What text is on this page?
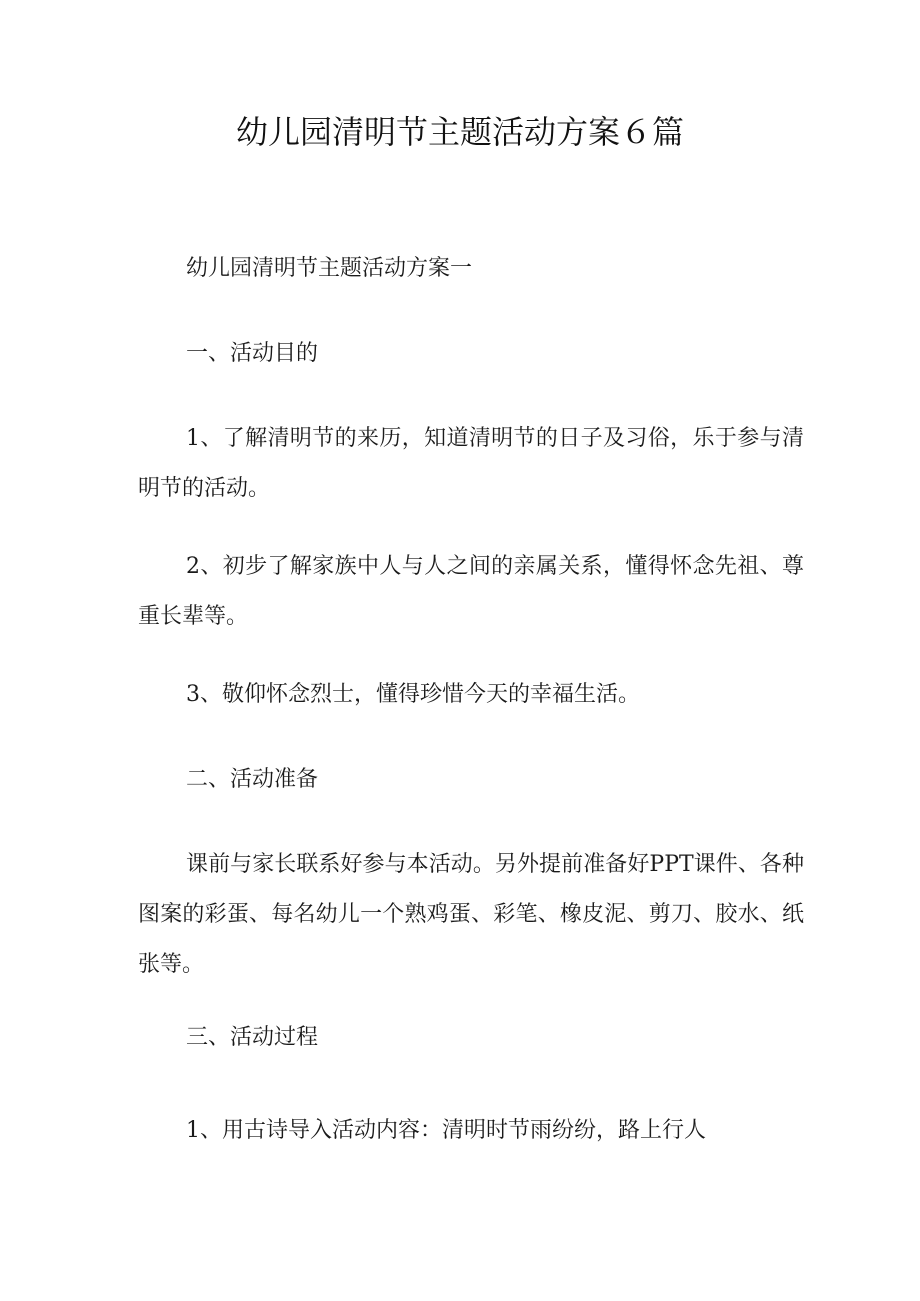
幼儿园清明节主题活动方案６篇

幼儿园清明节主题活动方案一

一、活动目的

1、了解清明节的来历，知道清明节的日子及习俗，乐于参与清明节的活动。

2、初步了解家族中人与人之间的亲属关系，懂得怀念先祖、尊重长辈等。

3、敬仰怀念烈士，懂得珍惜今天的幸福生活。

二、活动准备

课前与家长联系好参与本活动。另外提前准备好PPT课件、各种图案的彩蛋、每名幼儿一个熟鸡蛋、彩笔、橡皮泥、剪刀、胶水、纸张等。

三、活动过程

1、用古诗导入活动内容：清明时节雨纷纷，路上行人
